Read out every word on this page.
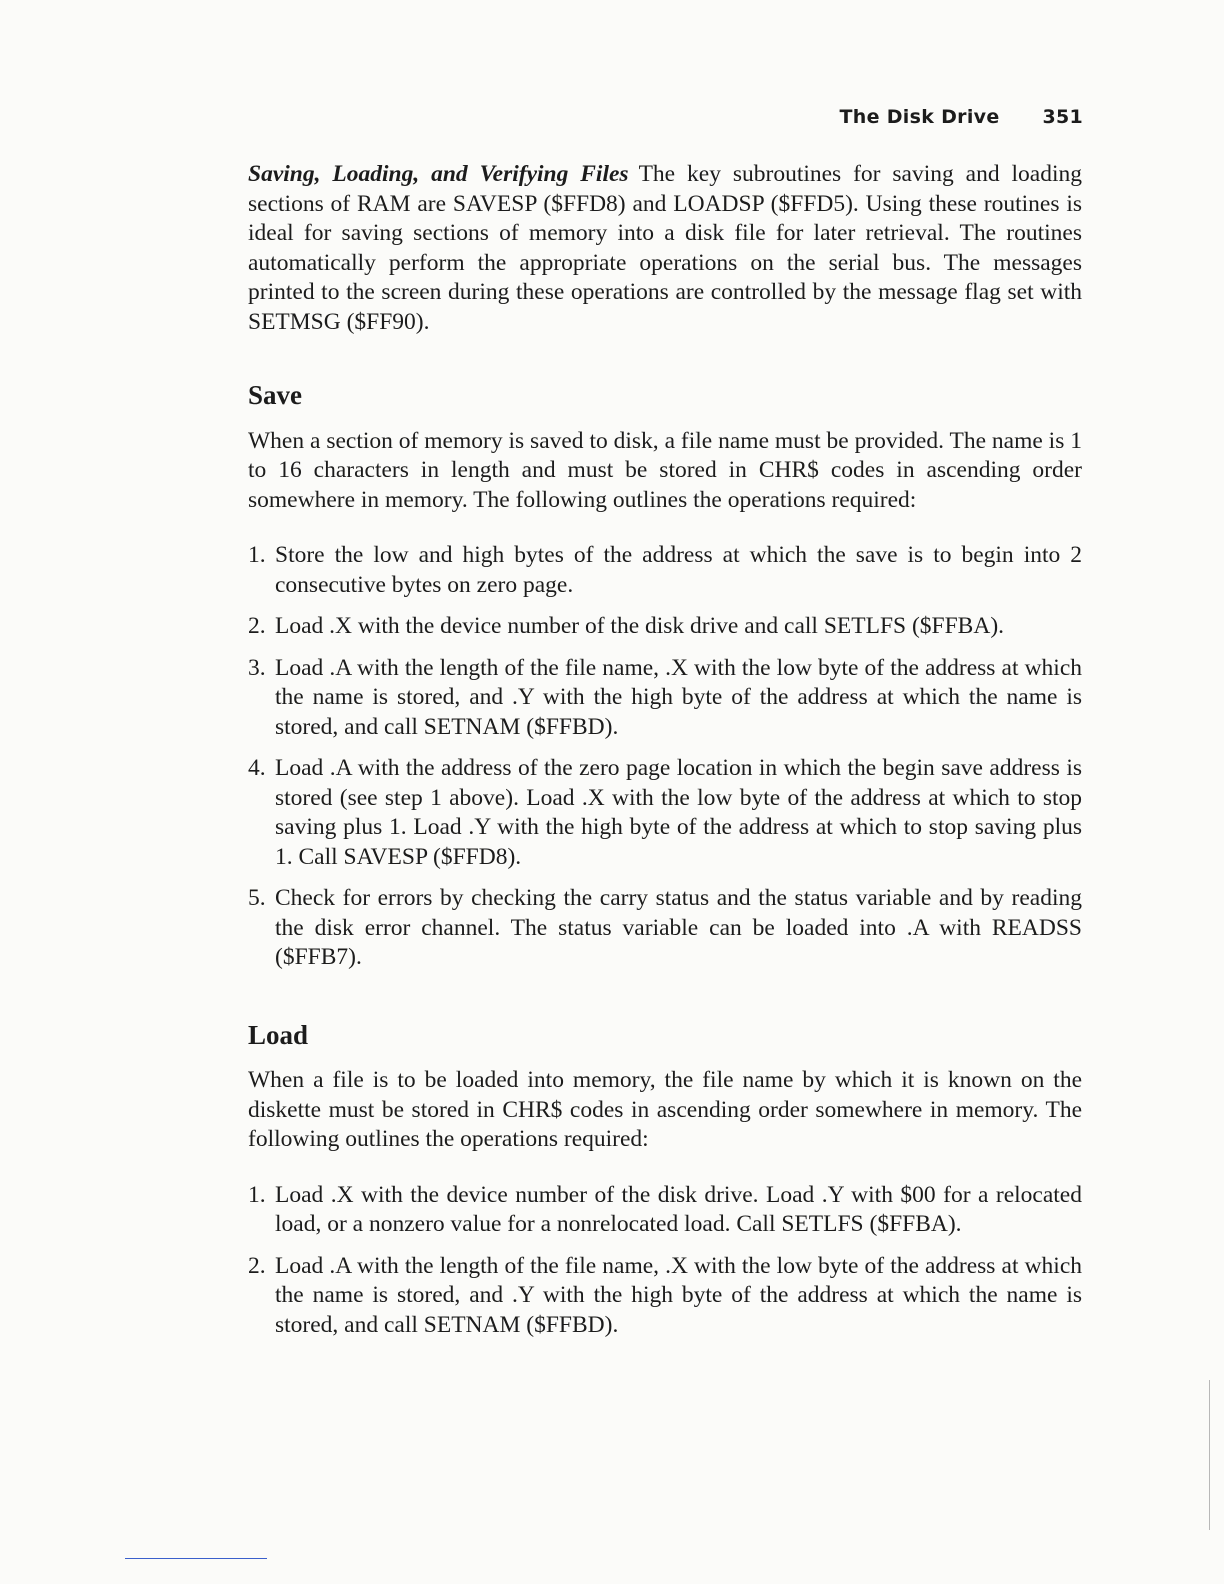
The Disk Drive 351

Saving, Loading, and Verifying Files The key subroutines for saving and loading sections of RAM are SAVESP ($FFD8) and LOADSP ($FFD5). Using these routines is ideal for saving sections of memory into a disk file for later retrieval. The routines automatically perform the appropriate operations on the serial bus. The messages printed to the screen during these operations are controlled by the message flag set with SETMSG ($FF90).

Save

When a section of memory is saved to disk, a file name must be provided. The name is 1 to 16 characters in length and must be stored in CHR$ codes in ascending order somewhere in memory. The following outlines the operations required:

1. Store the low and high bytes of the address at which the save is to begin into 2 consecutive bytes on zero page.
2. Load .X with the device number of the disk drive and call SETLFS ($FFBA).
3. Load .A with the length of the file name, .X with the low byte of the address at which the name is stored, and .Y with the high byte of the address at which the name is stored, and call SETNAM ($FFBD).
4. Load .A with the address of the zero page location in which the begin save address is stored (see step 1 above). Load .X with the low byte of the address at which to stop saving plus 1. Load .Y with the high byte of the address at which to stop saving plus 1. Call SAVESP ($FFD8).
5. Check for errors by checking the carry status and the status variable and by reading the disk error channel. The status variable can be loaded into .A with READSS ($FFB7).
Load

When a file is to be loaded into memory, the file name by which it is known on the diskette must be stored in CHR$ codes in ascending order somewhere in memory. The following outlines the operations required:

1. Load .X with the device number of the disk drive. Load .Y with $00 for a relocated load, or a nonzero value for a nonrelocated load. Call SETLFS ($FFBA).
2. Load .A with the length of the file name, .X with the low byte of the address at which the name is stored, and .Y with the high byte of the address at which the name is stored, and call SETNAM ($FFBD).
